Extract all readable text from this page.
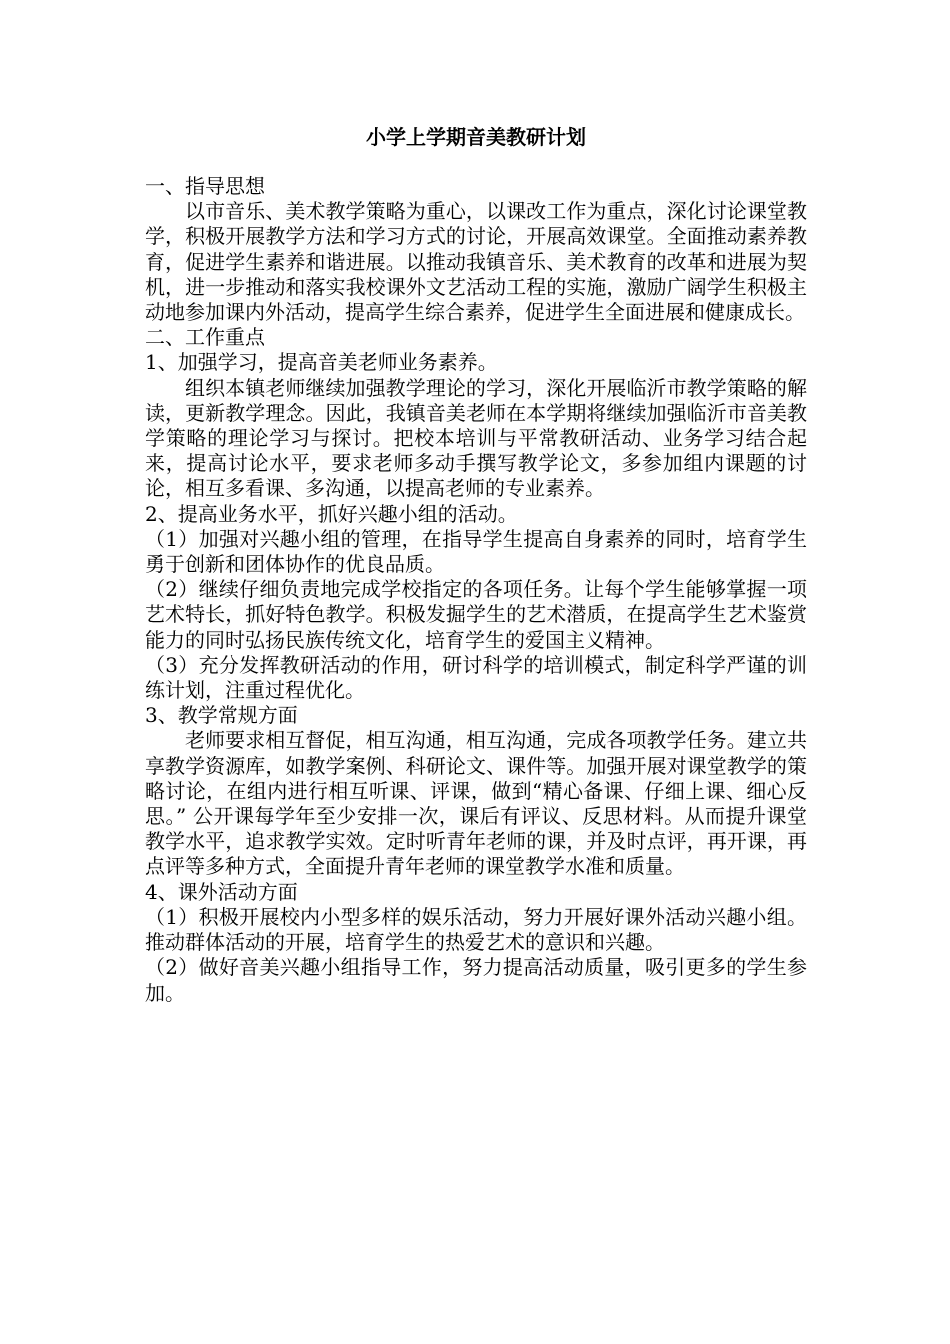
小学上学期音美教研计划

一、指导思想

以市音乐、美术教学策略为重心，以课改工作为重点，深化讨论课堂教学，积极开展教学方法和学习方式的讨论，开展高效课堂。全面推动素养教育，促进学生素养和谐进展。以推动我镇音乐、美术教育的改革和进展为契机，进一步推动和落实我校课外文艺活动工程的实施，激励广阔学生积极主动地参加课内外活动，提高学生综合素养，促进学生全面进展和健康成长。

二、工作重点

1、加强学习，提高音美老师业务素养。

组织本镇老师继续加强教学理论的学习，深化开展临沂市教学策略的解读，更新教学理念。因此，我镇音美老师在本学期将继续加强临沂市音美教学策略的理论学习与探讨。把校本培训与平常教研活动、业务学习结合起来，提高讨论水平，要求老师多动手撰写教学论文，多参加组内课题的讨论，相互多看课、多沟通，以提高老师的专业素养。

2、提高业务水平，抓好兴趣小组的活动。

（1）加强对兴趣小组的管理，在指导学生提高自身素养的同时，培育学生勇于创新和团体协作的优良品质。

（2）继续仔细负责地完成学校指定的各项任务。让每个学生能够掌握一项艺术特长，抓好特色教学。积极发掘学生的艺术潜质，在提高学生艺术鉴赏能力的同时弘扬民族传统文化，培育学生的爱国主义精神。

（3）充分发挥教研活动的作用，研讨科学的培训模式，制定科学严谨的训练计划，注重过程优化。

3、教学常规方面

老师要求相互督促，相互沟通，相互沟通，完成各项教学任务。建立共享教学资源库，如教学案例、科研论文、课件等。加强开展对课堂教学的策略讨论，在组内进行相互听课、评课，做到“精心备课、仔细上课、细心反思。” 公开课每学年至少安排一次，课后有评议、反思材料。从而提升课堂教学水平，追求教学实效。定时听青年老师的课，并及时点评，再开课，再点评等多种方式，全面提升青年老师的课堂教学水准和质量。

4、课外活动方面

（1）积极开展校内小型多样的娱乐活动，努力开展好课外活动兴趣小组。推动群体活动的开展，培育学生的热爱艺术的意识和兴趣。

（2）做好音美兴趣小组指导工作，努力提高活动质量，吸引更多的学生参加。
